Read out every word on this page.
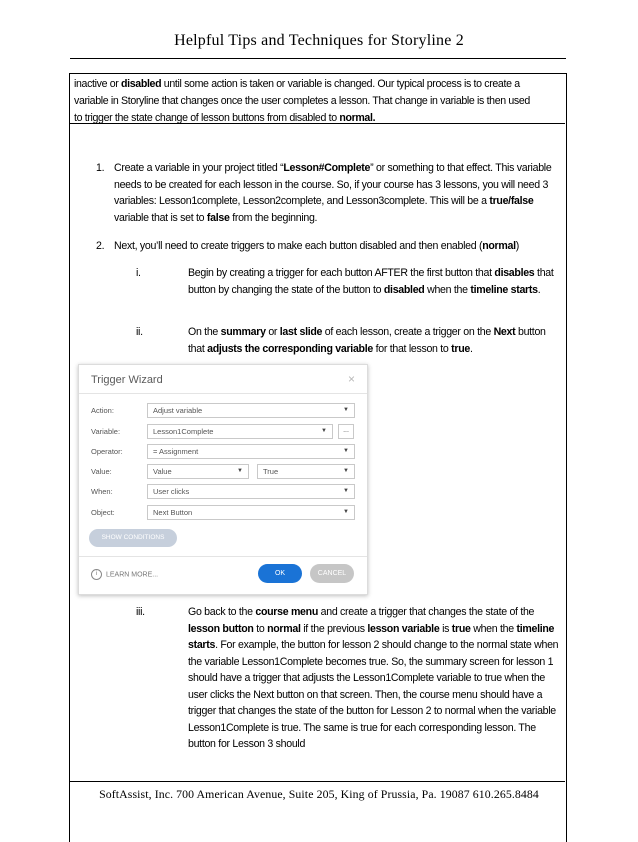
Helpful Tips and Techniques for Storyline 2
inactive or disabled until some action is taken or variable is changed. Our typical process is to create a
variable in Storyline that changes once the user completes a lesson. That change in variable is then used
to trigger the state change of lesson buttons from disabled to normal.
1. Create a variable in your project titled “Lesson#Complete” or something to that effect. This variable needs to be created for each lesson in the course. So, if your course has 3 lessons, you will need 3 variables: Lesson1complete, Lesson2complete, and Lesson3complete. This will be a true/false variable that is set to false from the beginning.
2. Next, you’ll need to create triggers to make each button disabled and then enabled (normal)
i.	Begin by creating a trigger for each button AFTER the first button that disables that button by changing the state of the button to disabled when the timeline starts.
ii.	On the summary or last slide of each lesson, create a trigger on the Next button that adjusts the corresponding variable for that lesson to true.
Trigger Wizard	×
Action:	Adjust variable	▼
Variable:	Lesson1Complete	▼	...
Operator:	= Assignment	▼
Value:	Value	▼	True	▼
When:	User clicks	▼
Object:	Next Button	▼
SHOW CONDITIONS
i LEARN MORE...	OK	CANCEL
iii.	Go back to the course menu and create a trigger that changes the state of the lesson button to normal if the previous lesson variable is true when the timeline starts. For example, the button for lesson 2 should change to the normal state when the variable Lesson1Complete becomes true. So, the summary screen for lesson 1 should have a trigger that adjusts the Lesson1Complete variable to true when the user clicks the Next button on that screen. Then, the course menu should have a trigger that changes the state of the button for Lesson 2 to normal when the variable Lesson1Complete is true. The same is true for each corresponding lesson. The button for Lesson 3 should
SoftAssist, Inc. 700 American Avenue, Suite 205, King of Prussia, Pa. 19087 610.265.8484
